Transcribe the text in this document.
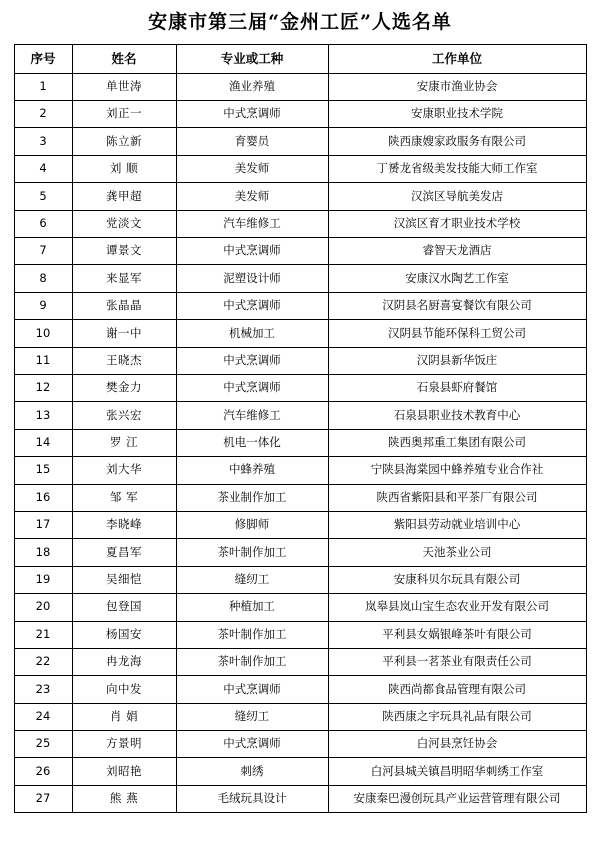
安康市第三届“金州工匠”人选名单
序号	姓名	专业或工种	工作单位
1	单世涛	渔业养殖	安康市渔业协会
2	刘正一	中式烹调师	安康职业技术学院
3	陈立新	育婴员	陕西康嫂家政服务有限公司
4	刘 顺	美发师	丁赟龙省级美发技能大师工作室
5	龚甲超	美发师	汉滨区导航美发店
6	党淡文	汽车维修工	汉滨区育才职业技术学校
7	谭景文	中式烹调师	睿智天龙酒店
8	来显军	泥塑设计师	安康汉水陶艺工作室
9	张晶晶	中式烹调师	汉阴县名厨喜宴餐饮有限公司
10	谢一中	机械加工	汉阴县节能环保科工贸公司
11	王晓杰	中式烹调师	汉阴县新华饭庄
12	樊金力	中式烹调师	石泉县虾府餐馆
13	张兴宏	汽车维修工	石泉县职业技术教育中心
14	罗 江	机电一体化	陕西奥邦重工集团有限公司
15	刘大华	中蜂养殖	宁陕县海棠园中蜂养殖专业合作社
16	邹 军	茶业制作加工	陕西省紫阳县和平茶厂有限公司
17	李晓峰	修脚师	紫阳县劳动就业培训中心
18	夏昌军	茶叶制作加工	天池茶业公司
19	吴细恺	缝纫工	安康科贝尔玩具有限公司
20	包登国	种植加工	岚皋县岚山宝生态农业开发有限公司
21	杨国安	茶叶制作加工	平利县女娲银峰茶叶有限公司
22	冉龙海	茶叶制作加工	平利县一茗茶业有限责任公司
23	向中发	中式烹调师	陕西尚都食品管理有限公司
24	肖 娟	缝纫工	陕西康之宇玩具礼品有限公司
25	方景明	中式烹调师	白河县烹饪协会
26	刘昭艳	刺绣	白河县城关镇昌明昭华刺绣工作室
27	熊 燕	毛绒玩具设计	安康秦巴漫创玩具产业运营管理有限公司
